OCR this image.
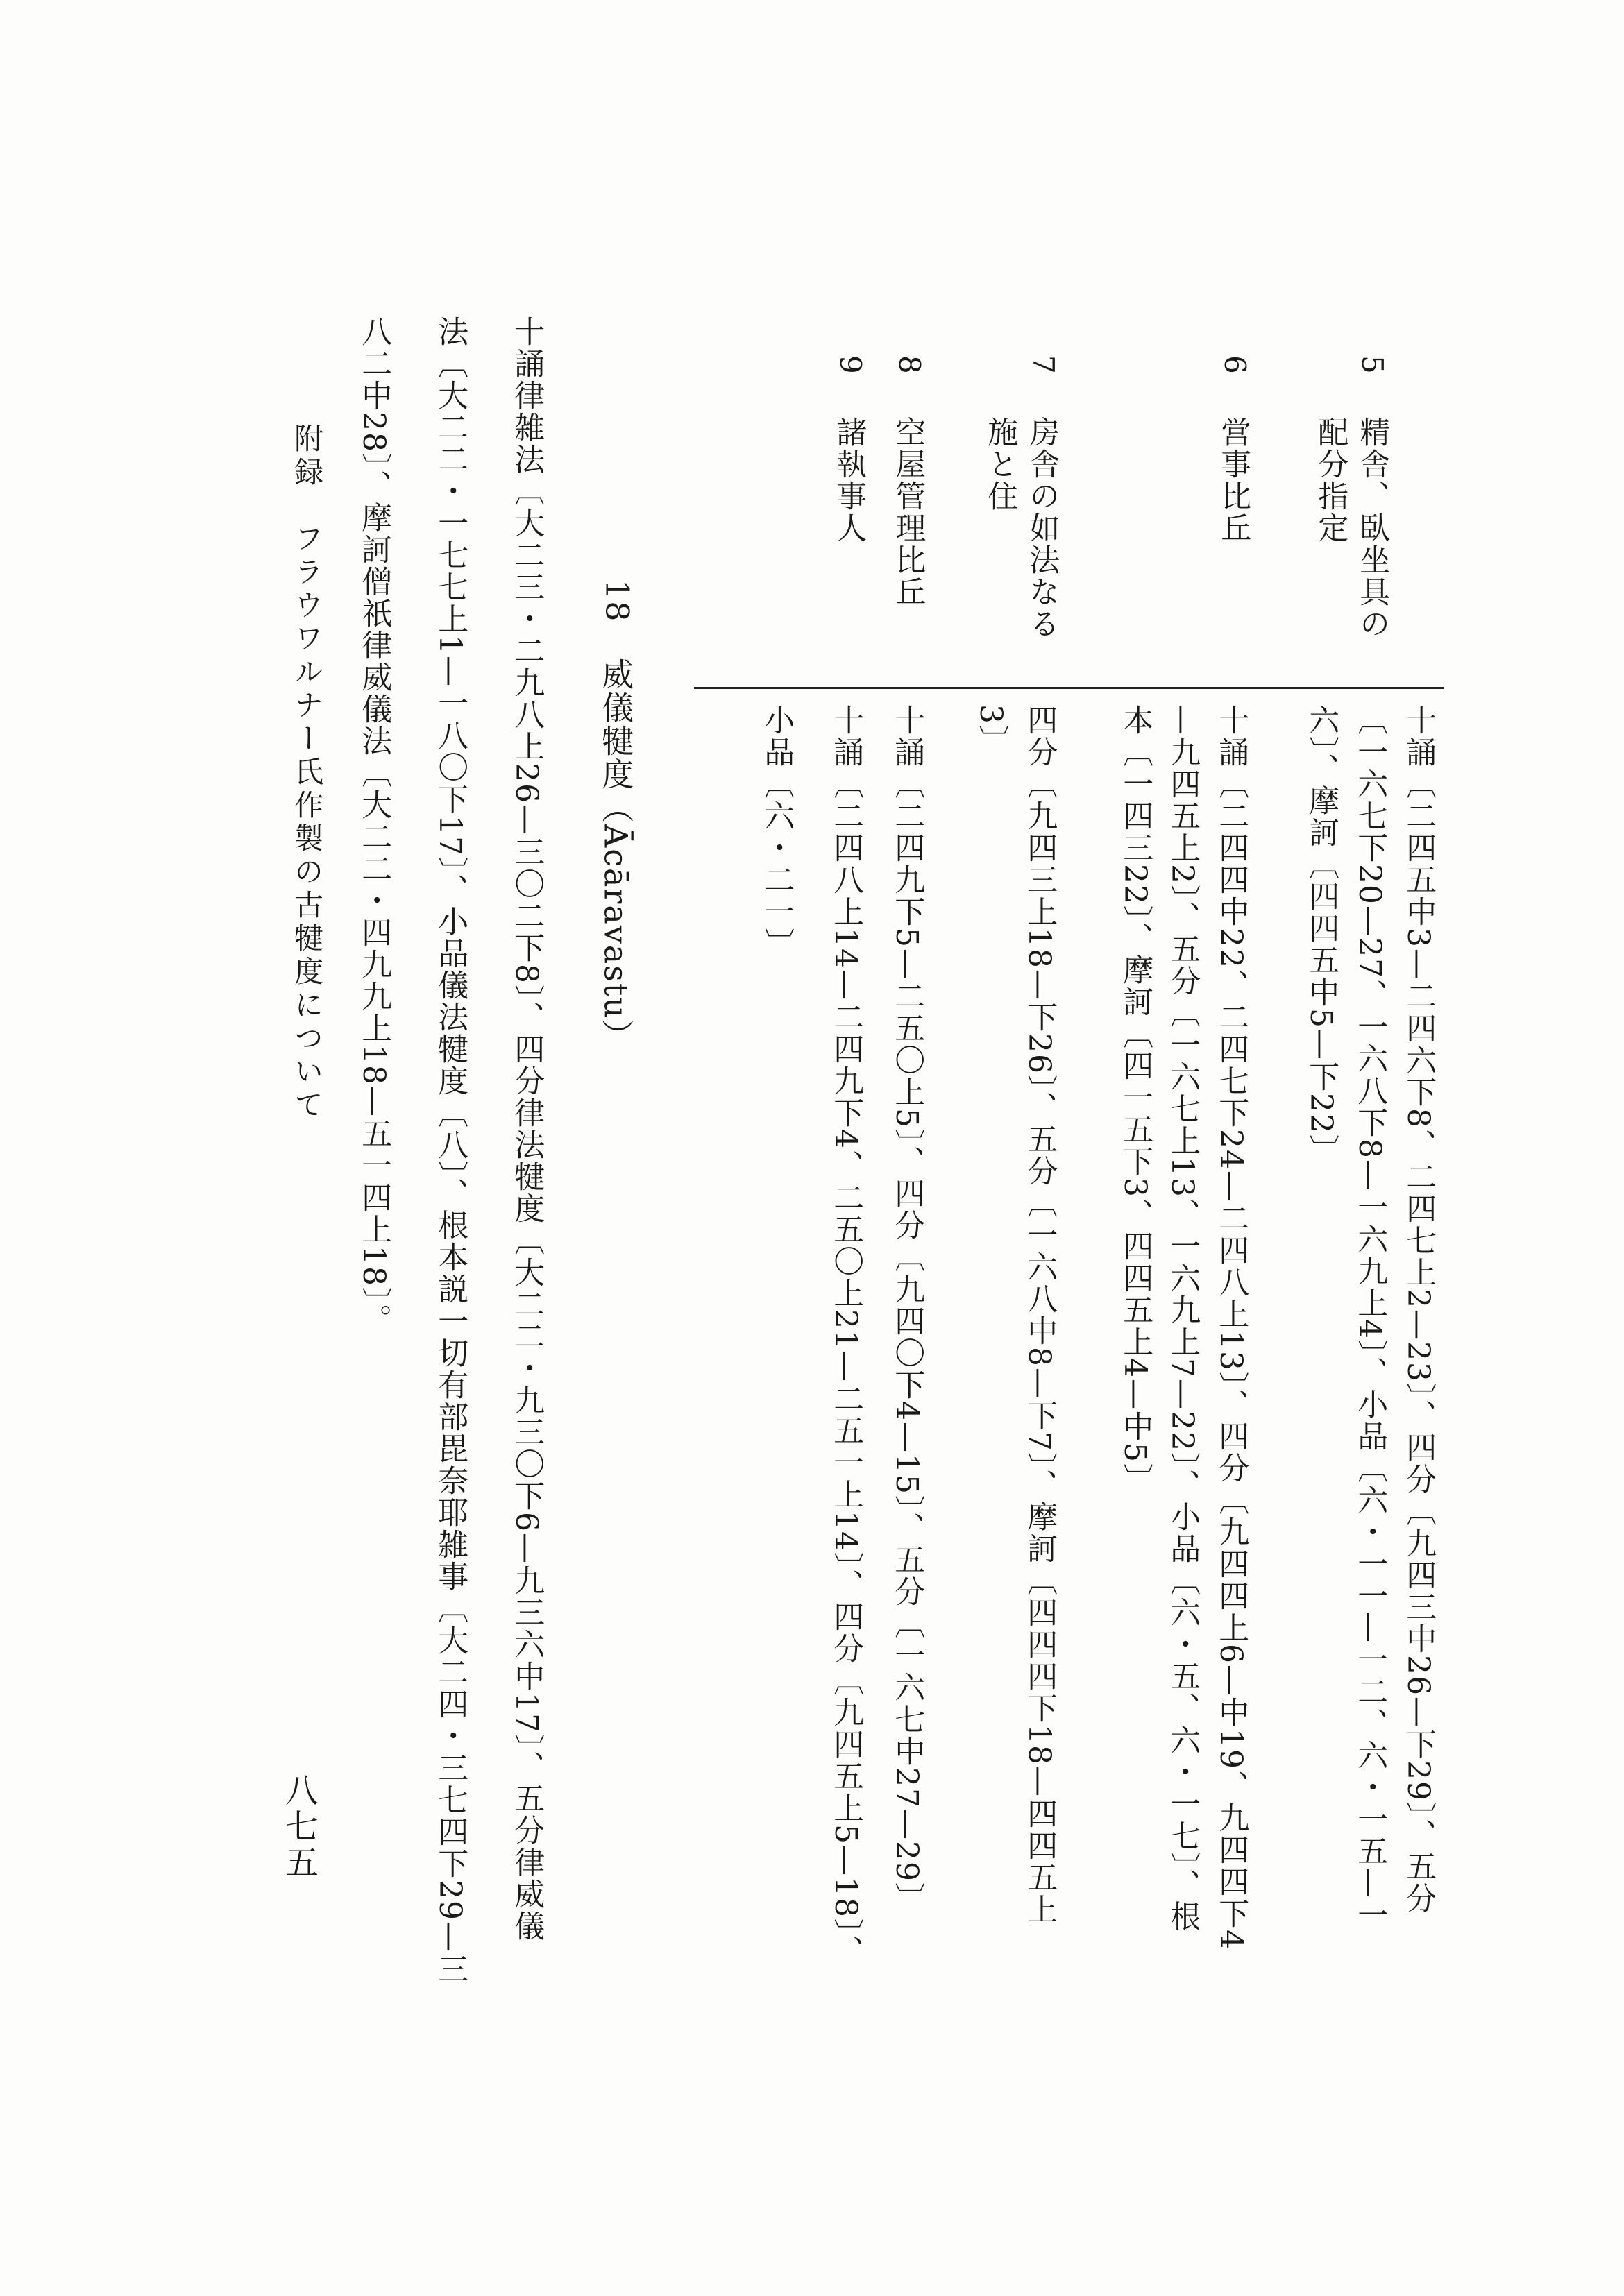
5
精舎、臥坐具の
配分指定
6
営事比丘
7
房舎の如法なる
施と住
8
空屋管理比丘
9
諸執事人
十誦〔二四五中3—二四六下8、二四七上2—23〕、四分〔九四三中26—下29〕、五分
〔一六七下20—27、一六八下8—一六九上4〕、小品〔六・一一—一二、六・一五—一
六〕、摩訶〔四四五中5—下22〕
十誦〔二四四中22、二四七下24—二四八上13〕、四分〔九四四上6—中19、九四四下4
—九四五上2〕、五分〔一六七上13、一六九上7—22〕、小品〔六・五、六・一七〕、根
本〔一四三22〕、摩訶〔四一五下3、四四五上4—中5〕
四分〔九四三上18—下26〕、五分〔一六八中8—下7〕、摩訶〔四四四下18—四四五上
3〕
十誦〔二四九下5—二五〇上5〕、四分〔九四〇下4—15〕、五分〔一六七中27—29〕
十誦〔二四八上14—二四九下4、二五〇上21—二五一上14〕、四分〔九四五上5—18〕、
小品〔六・二一〕
18
威儀犍度（Ācāravastu）
十誦律雑法〔大二三・二九八上26—三〇二下8〕、四分律法犍度〔大二二・九三〇下6—九三六中17〕、五分律威儀
法〔大二二・一七七上1—一八〇下17〕、小品儀法犍度〔八〕、根本説一切有部毘奈耶雑事〔大二四・三七四下29—三
八二中28〕、摩訶僧祇律威儀法〔大二二・四九九上18—五一四上18〕。
附録　フラウワルナー氏作製の古犍度について
八七五
